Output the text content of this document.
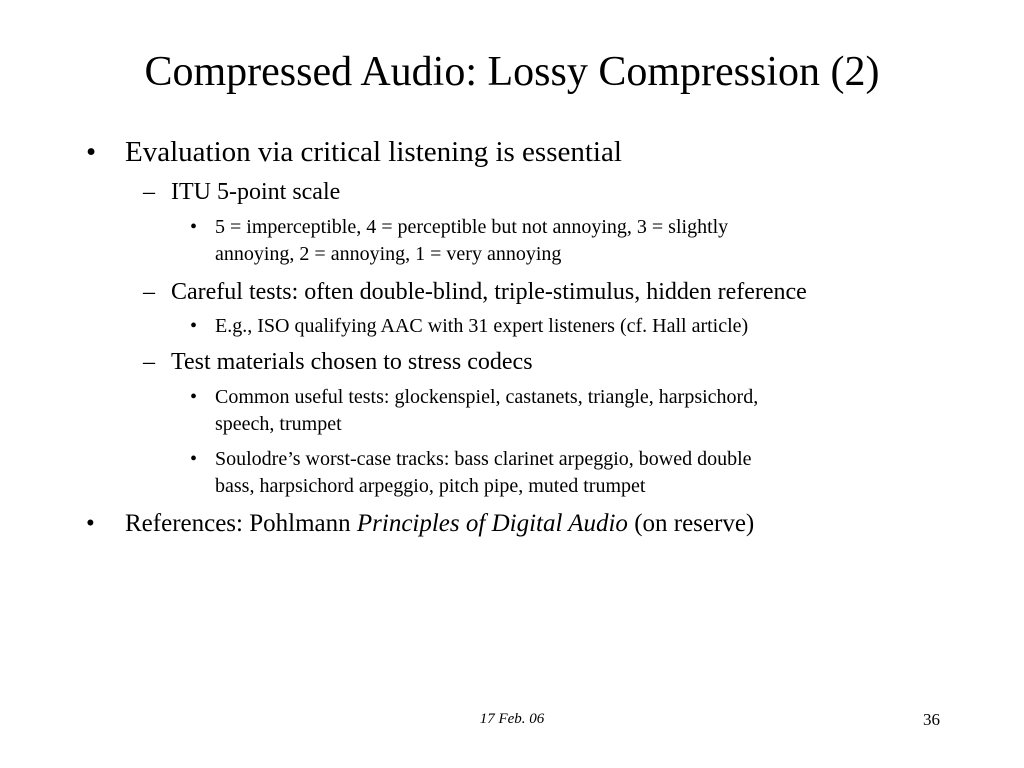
Compressed Audio: Lossy Compression (2)
• Evaluation via critical listening is essential
– ITU 5-point scale
• 5 = imperceptible, 4 = perceptible but not annoying, 3 = slightly
annoying, 2 = annoying, 1 = very annoying
– Careful tests: often double-blind, triple-stimulus, hidden reference
• E.g., ISO qualifying AAC with 31 expert listeners (cf. Hall article)
– Test materials chosen to stress codecs
• Common useful tests: glockenspiel, castanets, triangle, harpsichord,
speech, trumpet
• Soulodre’s worst-case tracks: bass clarinet arpeggio, bowed double
bass, harpsichord arpeggio, pitch pipe, muted trumpet
• References: Pohlmann Principles of Digital Audio (on reserve)
17 Feb. 06	36
